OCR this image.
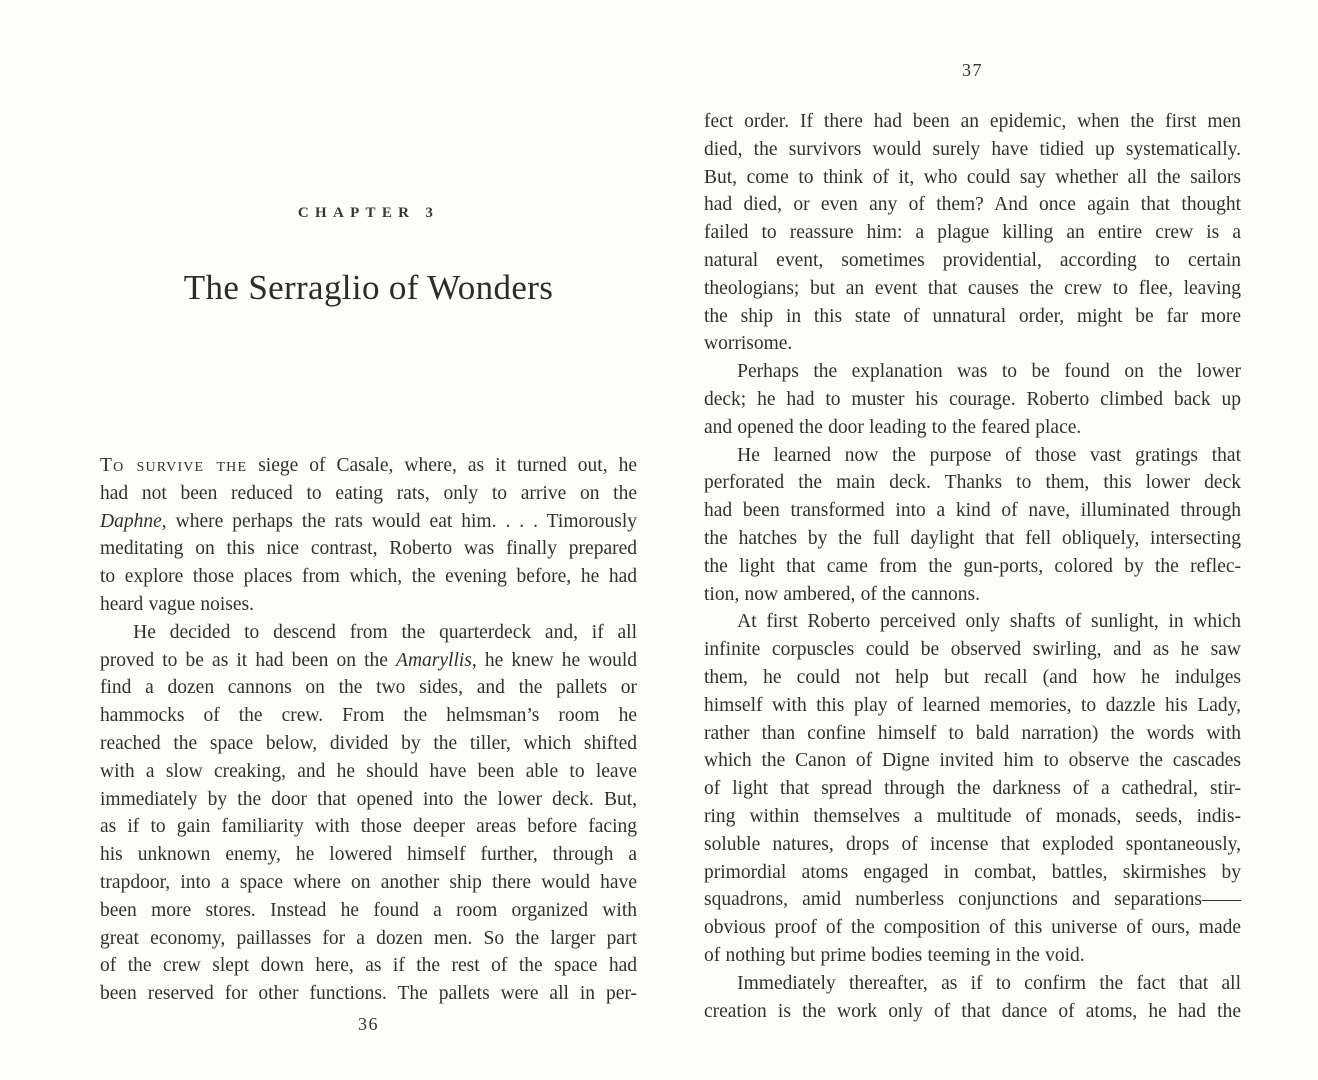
CHAPTER 3
The Serraglio of Wonders
To survive the siege of Casale, where, as it turned out, he
had not been reduced to eating rats, only to arrive on the
Daphne, where perhaps the rats would eat him. . . . Timorously
meditating on this nice contrast, Roberto was finally prepared
to explore those places from which, the evening before, he had
heard vague noises.
He decided to descend from the quarterdeck and, if all
proved to be as it had been on the Amaryllis, he knew he would
find a dozen cannons on the two sides, and the pallets or
hammocks of the crew. From the helmsman’s room he
reached the space below, divided by the tiller, which shifted
with a slow creaking, and he should have been able to leave
immediately by the door that opened into the lower deck. But,
as if to gain familiarity with those deeper areas before facing
his unknown enemy, he lowered himself further, through a
trapdoor, into a space where on another ship there would have
been more stores. Instead he found a room organized with
great economy, paillasses for a dozen men. So the larger part
of the crew slept down here, as if the rest of the space had
been reserved for other functions. The pallets were all in per-
36
37
fect order. If there had been an epidemic, when the first men
died, the survivors would surely have tidied up systematically.
But, come to think of it, who could say whether all the sailors
had died, or even any of them? And once again that thought
failed to reassure him: a plague killing an entire crew is a
natural event, sometimes providential, according to certain
theologians; but an event that causes the crew to flee, leaving
the ship in this state of unnatural order, might be far more
worrisome.
Perhaps the explanation was to be found on the lower
deck; he had to muster his courage. Roberto climbed back up
and opened the door leading to the feared place.
He learned now the purpose of those vast gratings that
perforated the main deck. Thanks to them, this lower deck
had been transformed into a kind of nave, illuminated through
the hatches by the full daylight that fell obliquely, intersecting
the light that came from the gun-ports, colored by the reflec-
tion, now ambered, of the cannons.
At first Roberto perceived only shafts of sunlight, in which
infinite corpuscles could be observed swirling, and as he saw
them, he could not help but recall (and how he indulges
himself with this play of learned memories, to dazzle his Lady,
rather than confine himself to bald narration) the words with
which the Canon of Digne invited him to observe the cascades
of light that spread through the darkness of a cathedral, stir-
ring within themselves a multitude of monads, seeds, indis-
soluble natures, drops of incense that exploded spontaneously,
primordial atoms engaged in combat, battles, skirmishes by
squadrons, amid numberless conjunctions and separations——
obvious proof of the composition of this universe of ours, made
of nothing but prime bodies teeming in the void.
Immediately thereafter, as if to confirm the fact that all
creation is the work only of that dance of atoms, he had the
